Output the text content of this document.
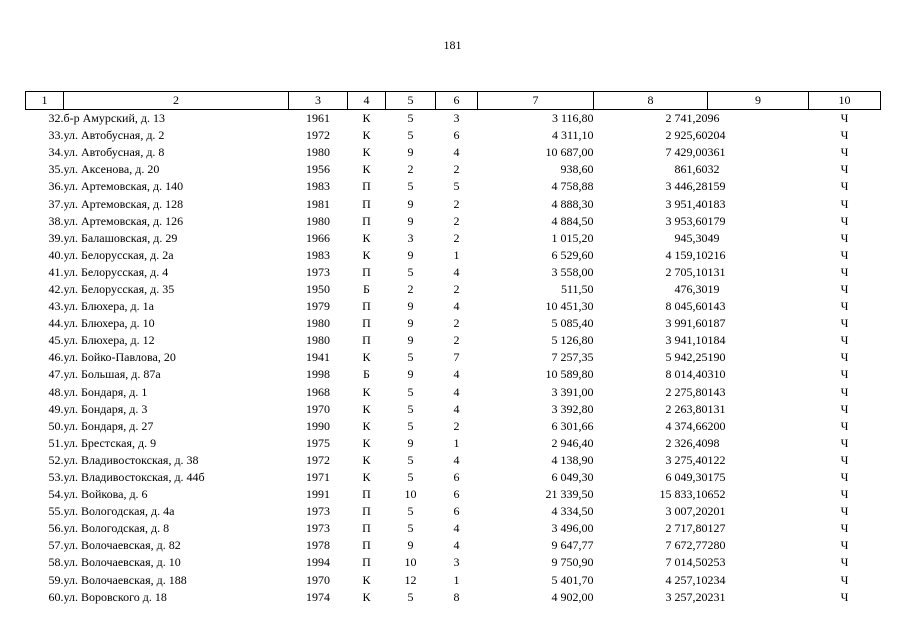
181
1	2	3	4	5	6	7	8	9	10
32.	б-р Амурский, д. 13	1961	К	5	3	3 116,80	2 741,20	96	Ч
33.	ул. Автобусная, д. 2	1972	К	5	6	4 311,10	2 925,60	204	Ч
34.	ул. Автобусная, д. 8	1980	К	9	4	10 687,00	7 429,00	361	Ч
35.	ул. Аксенова, д. 20	1956	К	2	2	938,60	861,60	32	Ч
36.	ул. Артемовская, д. 140	1983	П	5	5	4 758,88	3 446,28	159	Ч
37.	ул. Артемовская, д. 128	1981	П	9	2	4 888,30	3 951,40	183	Ч
38.	ул. Артемовская, д. 126	1980	П	9	2	4 884,50	3 953,60	179	Ч
39.	ул. Балашовская, д. 29	1966	К	3	2	1 015,20	945,30	49	Ч
40.	ул. Белорусская, д. 2а	1983	К	9	1	6 529,60	4 159,10	216	Ч
41.	ул. Белорусская, д. 4	1973	П	5	4	3 558,00	2 705,10	131	Ч
42.	ул. Белорусская, д. 35	1950	Б	2	2	511,50	476,30	19	Ч
43.	ул. Блюхера, д. 1а	1979	П	9	4	10 451,30	8 045,60	143	Ч
44.	ул. Блюхера, д. 10	1980	П	9	2	5 085,40	3 991,60	187	Ч
45.	ул. Блюхера, д. 12	1980	П	9	2	5 126,80	3 941,10	184	Ч
46.	ул. Бойко-Павлова, 20	1941	К	5	7	7 257,35	5 942,25	190	Ч
47.	ул. Большая, д. 87а	1998	Б	9	4	10 589,80	8 014,40	310	Ч
48.	ул. Бондаря, д. 1	1968	К	5	4	3 391,00	2 275,80	143	Ч
49.	ул. Бондаря, д. 3	1970	К	5	4	3 392,80	2 263,80	131	Ч
50.	ул. Бондаря, д. 27	1990	К	5	2	6 301,66	4 374,66	200	Ч
51.	ул. Брестская, д. 9	1975	К	9	1	2 946,40	2 326,40	98	Ч
52.	ул. Владивостокская, д. 38	1972	К	5	4	4 138,90	3 275,40	122	Ч
53.	ул. Владивостокская, д. 44б	1971	К	5	6	6 049,30	6 049,30	175	Ч
54.	ул. Войкова, д. 6	1991	П	10	6	21 339,50	15 833,10	652	Ч
55.	ул. Вологодская, д. 4а	1973	П	5	6	4 334,50	3 007,20	201	Ч
56.	ул. Вологодская, д. 8	1973	П	5	4	3 496,00	2 717,80	127	Ч
57.	ул. Волочаевская, д. 82	1978	П	9	4	9 647,77	7 672,77	280	Ч
58.	ул. Волочаевская, д. 10	1994	П	10	3	9 750,90	7 014,50	253	Ч
59.	ул. Волочаевская, д. 188	1970	К	12	1	5 401,70	4 257,10	234	Ч
60.	ул. Воровского д. 18	1974	К	5	8	4 902,00	3 257,20	231	Ч
